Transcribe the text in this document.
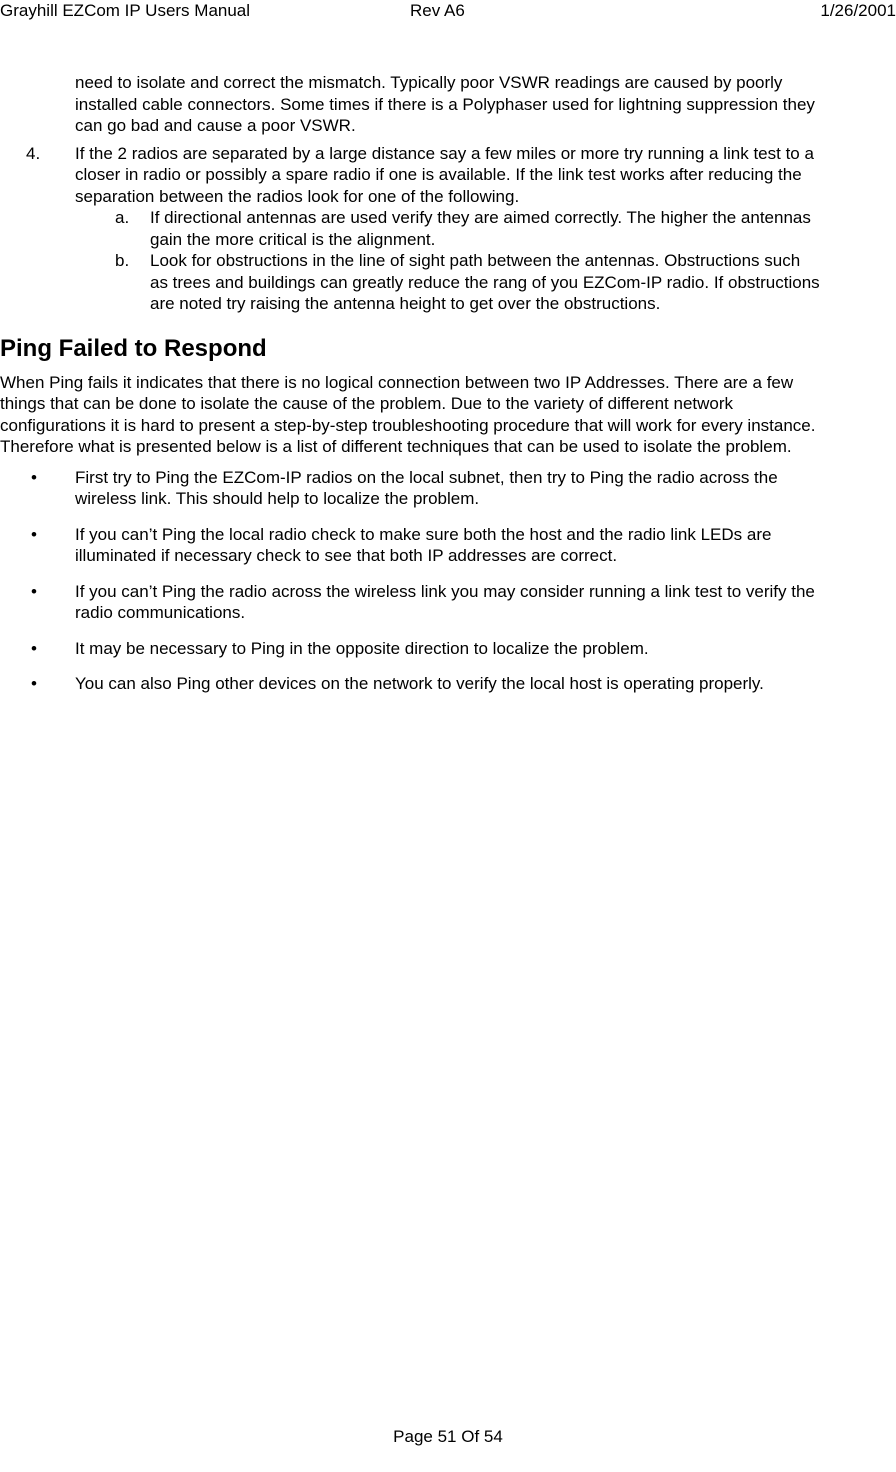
Grayhill EZCom IP Users Manual	Rev A6	1/26/2001

need to isolate and correct the mismatch. Typically poor VSWR readings are caused by poorly installed cable connectors. Some times if there is a Polyphaser used for lightning suppression they can go bad and cause a poor VSWR.

4. If the 2 radios are separated by a large distance say a few miles or more try running a link test to a closer in radio or possibly a spare radio if one is available. If the link test works after reducing the separation between the radios look for one of the following.
a. If directional antennas are used verify they are aimed correctly. The higher the antennas gain the more critical is the alignment.
b. Look for obstructions in the line of sight path between the antennas. Obstructions such as trees and buildings can greatly reduce the rang of you EZCom-IP radio. If obstructions are noted try raising the antenna height to get over the obstructions.
Ping Failed to Respond

When Ping fails it indicates that there is no logical connection between two IP Addresses. There are a few things that can be done to isolate the cause of the problem. Due to the variety of different network configurations it is hard to present a step-by-step troubleshooting procedure that will work for every instance. Therefore what is presented below is a list of different techniques that can be used to isolate the problem.

• First try to Ping the EZCom-IP radios on the local subnet, then try to Ping the radio across the wireless link. This should help to localize the problem.
• If you can’t Ping the local radio check to make sure both the host and the radio link LEDs are illuminated if necessary check to see that both IP addresses are correct.
• If you can’t Ping the radio across the wireless link you may consider running a link test to verify the radio communications.
• It may be necessary to Ping in the opposite direction to localize the problem.
• You can also Ping other devices on the network to verify the local host is operating properly.
Page 51 Of 54
